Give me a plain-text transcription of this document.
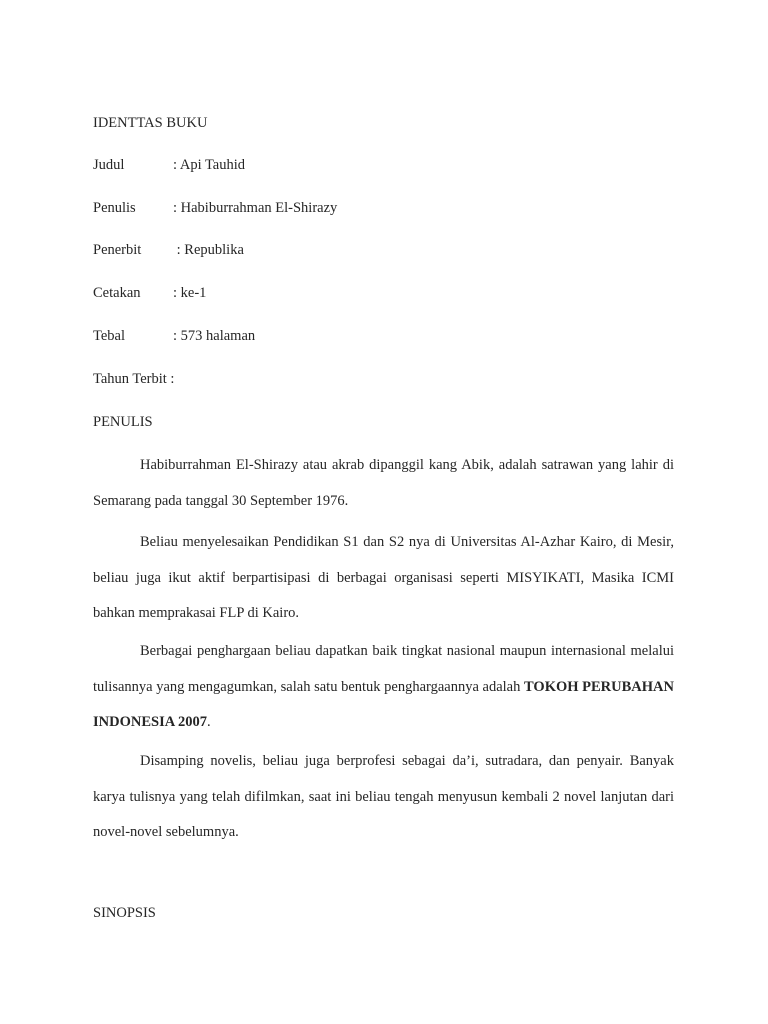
IDENTTAS BUKU
Judul	: Api Tauhid
Penulis	: Habiburrahman El-Shirazy
Penerbit : Republika
Cetakan : ke-1
Tebal	: 573 halaman
Tahun Terbit :
PENULIS

Habiburrahman El-Shirazy atau akrab dipanggil kang Abik, adalah satrawan yang lahir di Semarang pada tanggal 30 September 1976.

Beliau menyelesaikan Pendidikan S1 dan S2 nya di Universitas Al-Azhar Kairo, di Mesir, beliau juga ikut aktif berpartisipasi di berbagai organisasi seperti MISYIKATI, Masika ICMI bahkan memprakasai FLP di Kairo.

Berbagai penghargaan beliau dapatkan baik tingkat nasional maupun internasional melalui tulisannya yang mengagumkan, salah satu bentuk penghargaannya adalah TOKOH PERUBAHAN INDONESIA 2007.

Disamping novelis, beliau juga berprofesi sebagai da’i, sutradara, dan penyair. Banyak karya tulisnya yang telah difilmkan, saat ini beliau tengah menyusun kembali 2 novel lanjutan dari novel-novel sebelumnya.

SINOPSIS
